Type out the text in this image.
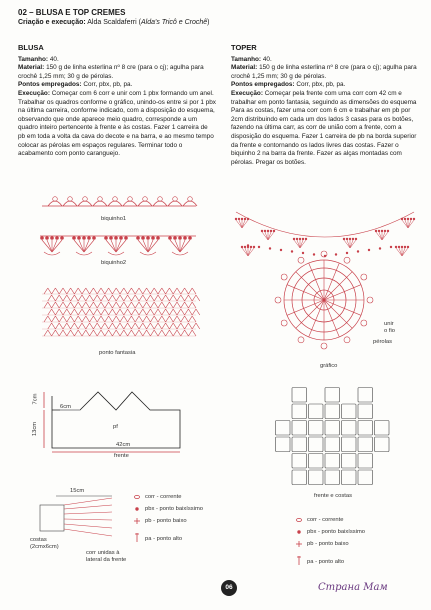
02 – BLUSA E TOP CREMES
Criação e execução: Alda Scaldaferri (Alda's Tricô e Crochê)
BLUSA

Tamanho: 40.

Material: 150 g de linha esterlina nº 8 cre (para o cj); agulha para crochê 1,25 mm; 30 g de pérolas.

Pontos empregados: Corr, pbx, pb, pa.

Execução: Começar com 6 corr e unir com 1 pbx formando um anel. Trabalhar os quadros conforme o gráfico, unindo-os entre si por 1 pbx na última carreira, conforme indicado, com a disposição do esquema, observando que onde aparece meio quadro, corresponde a um quadro inteiro pertencente à frente e às costas. Fazer 1 carreira de pb em toda a volta da cava do decote e na barra, e ao mesmo tempo colocar as pérolas em espaços regulares. Terminar todo o acabamento com ponto caranguejo.

TOPER

Tamanho: 40.

Material: 150 g de linha esterlina nº 8 cre (para o cj); agulha para crochê 1,25 mm; 30 g de pérolas.

Pontos empregados: Corr, pbx, pb, pa.

Execução: Começar pela frente com uma corr com 42 cm e trabalhar em ponto fantasia, seguindo as dimensões do esquema Para as costas, fazer uma corr com 6 cm e trabalhar em pb por 2cm distribuindo em cada um dos lados 3 casas para os botões, fazendo na última carr, as corr de união com a frente, com a disposição do esquema. Fazer 1 carreira de pb na borda superior da frente e contornando os lados livres das costas. Fazer o biquinho 2 na barra da frente. Fazer as alças montadas com pérolas. Pregar os botões.

biquinho1
biquinho2
ponto fantasia
gráfico
unir
o fio
pérolas
7cm
6cm
13cm	pf
42cm
frente
frente e costas
15cm
costas
(2cmx6cm)
corr unidas à
lateral da frente
corr - corrente
pbx - ponto baixíssimo
pb - ponto baixo
pa - ponto alto
corr - corrente
pbx - ponto baixíssimo
pb - ponto baixo
pa - ponto alto
06	Страна Мам
